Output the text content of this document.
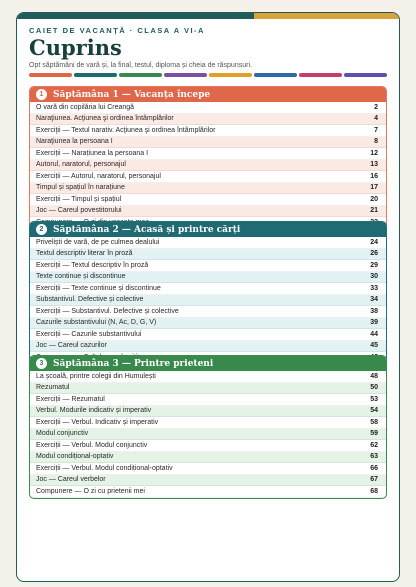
CAIET DE VACANȚĂ · CLASA A VI-A
Cuprins
Opt săptămâni de vară și, la final, testul, diploma și cheia de răspunsuri.
1	Săptămâna 1 — Vacanța începe
O vară din copilăria lui Creangă	2
Naraţiunea. Acţiunea şi ordinea întâmplărilor	4
Exerciţii — Textul narativ. Acţiunea şi ordinea întâmplărilor	7
Naraţiunea la persoana I	8
Exerciții — Narațiunea la persoana I	12
Autorul, naratorul, personajul	13
Exerciții — Autorul, naratorul, personajul	16
Timpul și spațiul în narațiune	17
Exerciții — Timpul și spațiul	20
Joc — Careul povestitorului	21
2	Săptămâna 2 — Acasă și printre cărți
Priveliști de vară, de pe culmea dealului	24
Textul descriptiv literar în proză	26
Exerciții — Textul descriptiv în proză	29
Texte continue și discontinue	30
Exerciții — Texte continue și discontinue	33
Substantivul. Defective și colective	34
Exerciții — Substantivul. Defective și colective	38
Cazurile substantivului (N, Ac, D, G, V)	39
Exerciții — Cazurile substantivului	44
Joc — Careul cazurilor	45
3	Săptămâna 3 — Printre prieteni
La școală, printre colegii din Humulești	48
Rezumatul	50
Exerciții — Rezumatul	53
Verbul. Modurile indicativ și imperativ	54
Exerciții — Verbul. Indicativ și imperativ	58
Modul conjunctiv	59
Exerciții — Verbul. Modul conjunctiv	62
Modul condițional-optativ	63
Exerciții — Verbul. Modul condițional-optativ	66
Joc — Careul verbelor	67
Compunere — O zi cu prietenii mei	68
